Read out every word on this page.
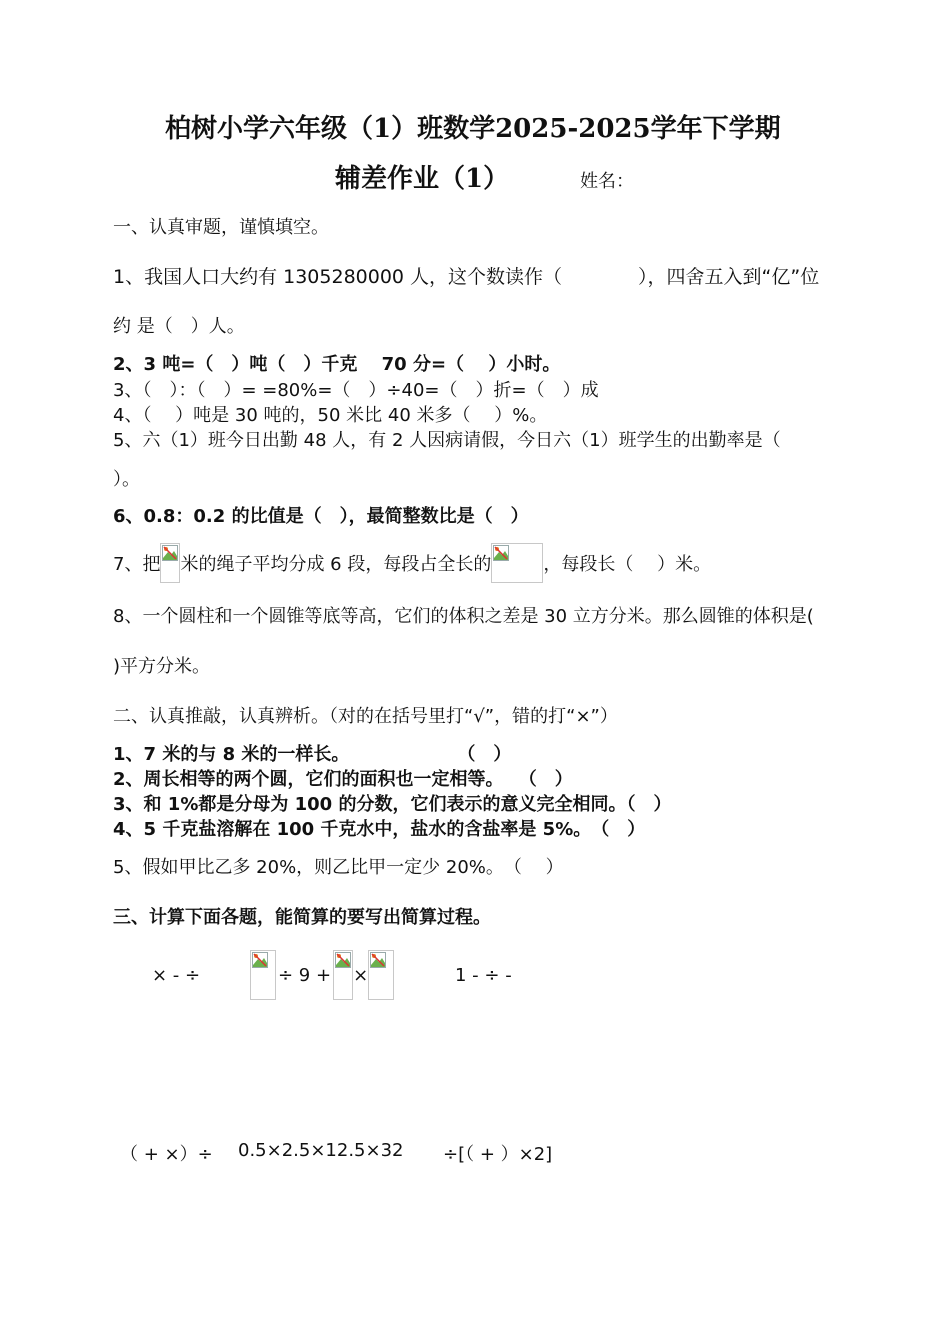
柏树小学六年级（1）班数学2025-2025学年下学期
辅差作业（1）	姓名：
一、认真审题，谨慎填空。
1、我国人口大约有 1305280000 人，这个数读作（　　　　），四舍五入到“亿”位
约 是（　）人。
2、3 吨=（　）吨（　）千克　 70 分=（　 ）小时。
3、（　）：（　）= =80%=（　）÷40=（　）折=（　）成
4、（　 ）吨是 30 吨的，50 米比 40 米多（　 ）%。
5、六（1）班今日出勤 48 人，有 2 人因病请假，今日六（1）班学生的出勤率是（
）。
6、0.8：0.2 的比值是（　），最简整数比是（　）
7、把 米的绳子平均分成 6 段，每段占全长的	，每段长（　 ）米。
8、一个圆柱和一个圆锥等底等高，它们的体积之差是 30 立方分米。那么圆锥的体积是(
)平方分米。
二、认真推敲，认真辨析。（对的在括号里打“√”，错的打“×”）
1、7 米的与 8 米的一样长。　　　　　　　（　）
2、周长相等的两个圆，它们的面积也一定相等。　 （　）
3、和 1%都是分母为 100 的分数，它们表示的意义完全相同。（　）
4、5 千克盐溶解在 100 千克水中，盐水的含盐率是 5%。　（　）
5、假如甲比乙多 20%，则乙比甲一定少 20%。　（　 ）
三、计算下面各题，能简算的要写出简算过程。
× - ÷	÷ 9 + ×	1 - ÷ -
（ + ×）÷ 0.5×2.5×12.5×32 ÷[（ + ）×2]
